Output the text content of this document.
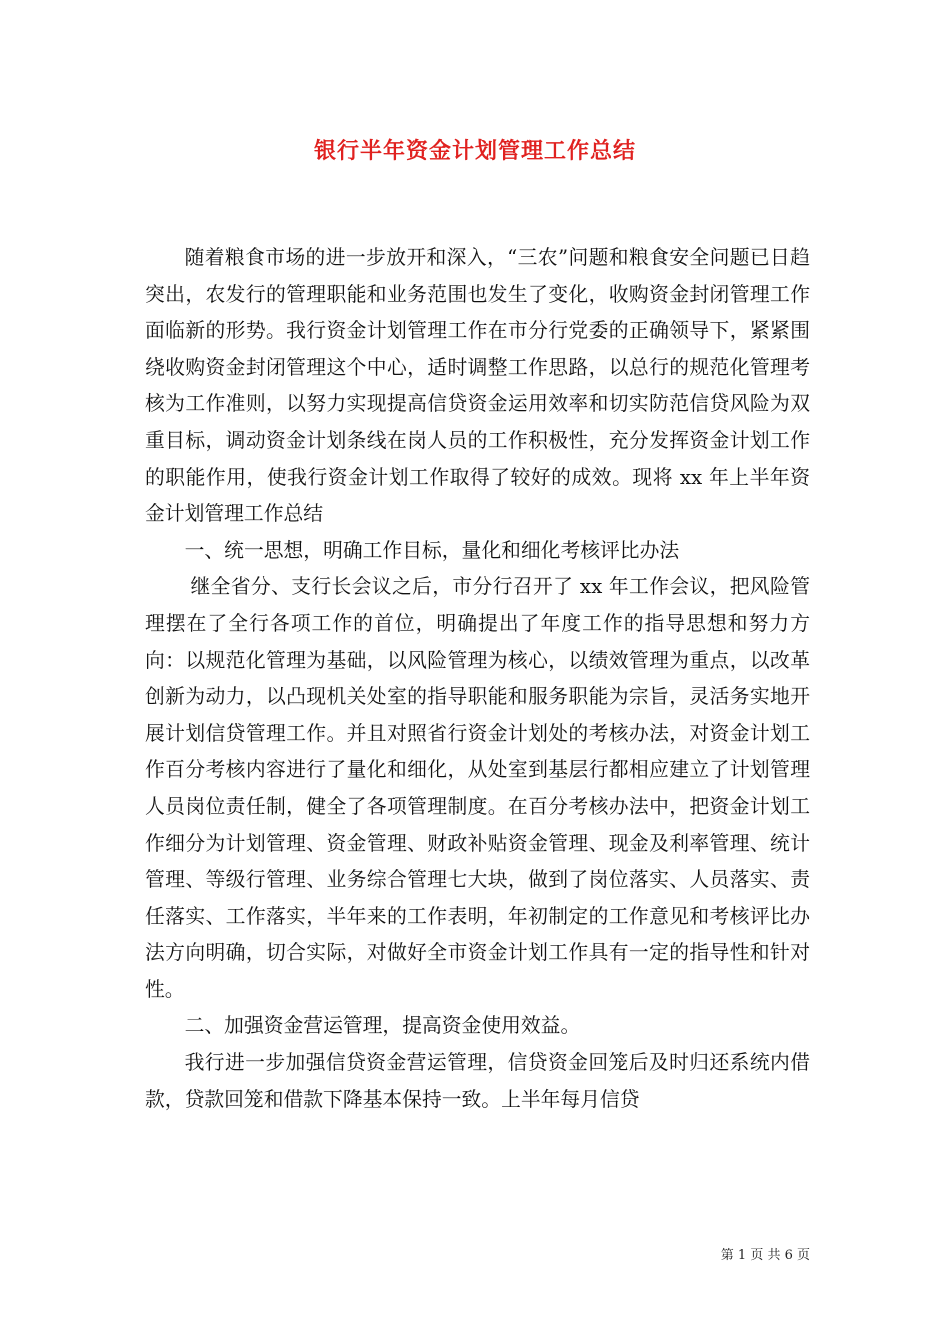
银行半年资金计划管理工作总结

随着粮食市场的进一步放开和深入，“三农”问题和粮食安全问题已日趋突出，农发行的管理职能和业务范围也发生了变化，收购资金封闭管理工作面临新的形势。我行资金计划管理工作在市分行党委的正确领导下，紧紧围绕收购资金封闭管理这个中心，适时调整工作思路，以总行的规范化管理考核为工作准则，以努力实现提高信贷资金运用效率和切实防范信贷风险为双重目标，调动资金计划条线在岗人员的工作积极性，充分发挥资金计划工作的职能作用，使我行资金计划工作取得了较好的成效。现将 xx 年上半年资金计划管理工作总结

一、统一思想，明确工作目标，量化和细化考核评比办法

继全省分、支行长会议之后，市分行召开了 xx 年工作会议，把风险管理摆在了全行各项工作的首位，明确提出了年度工作的指导思想和努力方向：以规范化管理为基础，以风险管理为核心，以绩效管理为重点，以改革创新为动力，以凸现机关处室的指导职能和服务职能为宗旨，灵活务实地开展计划信贷管理工作。并且对照省行资金计划处的考核办法，对资金计划工作百分考核内容进行了量化和细化，从处室到基层行都相应建立了计划管理人员岗位责任制，健全了各项管理制度。在百分考核办法中，把资金计划工作细分为计划管理、资金管理、财政补贴资金管理、现金及利率管理、统计管理、等级行管理、业务综合管理七大块，做到了岗位落实、人员落实、责任落实、工作落实，半年来的工作表明，年初制定的工作意见和考核评比办法方向明确，切合实际，对做好全市资金计划工作具有一定的指导性和针对性。

二、加强资金营运管理，提高资金使用效益。

我行进一步加强信贷资金营运管理，信贷资金回笼后及时归还系统内借款，贷款回笼和借款下降基本保持一致。上半年每月信贷

第 1 页 共 6 页
